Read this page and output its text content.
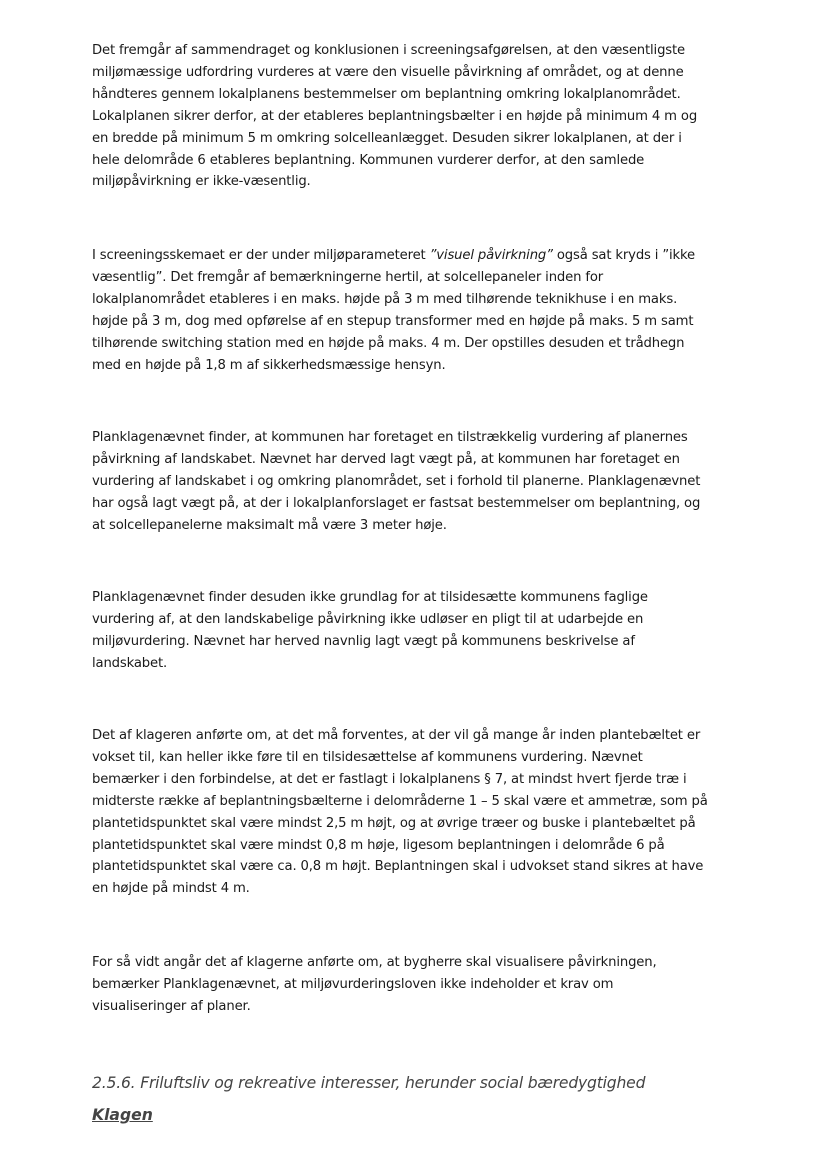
Det fremgår af sammendraget og konklusionen i screeningsafgørelsen, at den væsentligste
miljømæssige udfordring vurderes at være den visuelle påvirkning af området, og at denne
håndteres gennem lokalplanens bestemmelser om beplantning omkring lokalplanområdet.
Lokalplanen sikrer derfor, at der etableres beplantningsbælter i en højde på minimum 4 m og
en bredde på minimum 5 m omkring solcelleanlægget. Desuden sikrer lokalplanen, at der i
hele delområde 6 etableres beplantning. Kommunen vurderer derfor, at den samlede
miljøpåvirkning er ikke-væsentlig.

I screeningsskemaet er der under miljøparameteret ”visuel påvirkning” også sat kryds i ”ikke
væsentlig”. Det fremgår af bemærkningerne hertil, at solcellepaneler inden for
lokalplanområdet etableres i en maks. højde på 3 m med tilhørende teknikhuse i en maks.
højde på 3 m, dog med opførelse af en stepup transformer med en højde på maks. 5 m samt
tilhørende switching station med en højde på maks. 4 m. Der opstilles desuden et trådhegn
med en højde på 1,8 m af sikkerhedsmæssige hensyn.

Planklagenævnet finder, at kommunen har foretaget en tilstrækkelig vurdering af planernes
påvirkning af landskabet. Nævnet har derved lagt vægt på, at kommunen har foretaget en
vurdering af landskabet i og omkring planområdet, set i forhold til planerne. Planklagenævnet
har også lagt vægt på, at der i lokalplanforslaget er fastsat bestemmelser om beplantning, og
at solcellepanelerne maksimalt må være 3 meter høje.

Planklagenævnet finder desuden ikke grundlag for at tilsidesætte kommunens faglige
vurdering af, at den landskabelige påvirkning ikke udløser en pligt til at udarbejde en
miljøvurdering. Nævnet har herved navnlig lagt vægt på kommunens beskrivelse af
landskabet.

Det af klageren anførte om, at det må forventes, at der vil gå mange år inden plantebæltet er
vokset til, kan heller ikke føre til en tilsidesættelse af kommunens vurdering. Nævnet
bemærker i den forbindelse, at det er fastlagt i lokalplanens § 7, at mindst hvert fjerde træ i
midterste række af beplantningsbælterne i delområderne 1 – 5 skal være et ammetræ, som på
plantetidspunktet skal være mindst 2,5 m højt, og at øvrige træer og buske i plantebæltet på
plantetidspunktet skal være mindst 0,8 m høje, ligesom beplantningen i delområde 6 på
plantetidspunktet skal være ca. 0,8 m højt. Beplantningen skal i udvokset stand sikres at have
en højde på mindst 4 m.

For så vidt angår det af klagerne anførte om, at bygherre skal visualisere påvirkningen,
bemærker Planklagenævnet, at miljøvurderingsloven ikke indeholder et krav om
visualiseringer af planer.

2.5.6. Friluftsliv og rekreative interesser, herunder social bæredygtighed
Klagen
